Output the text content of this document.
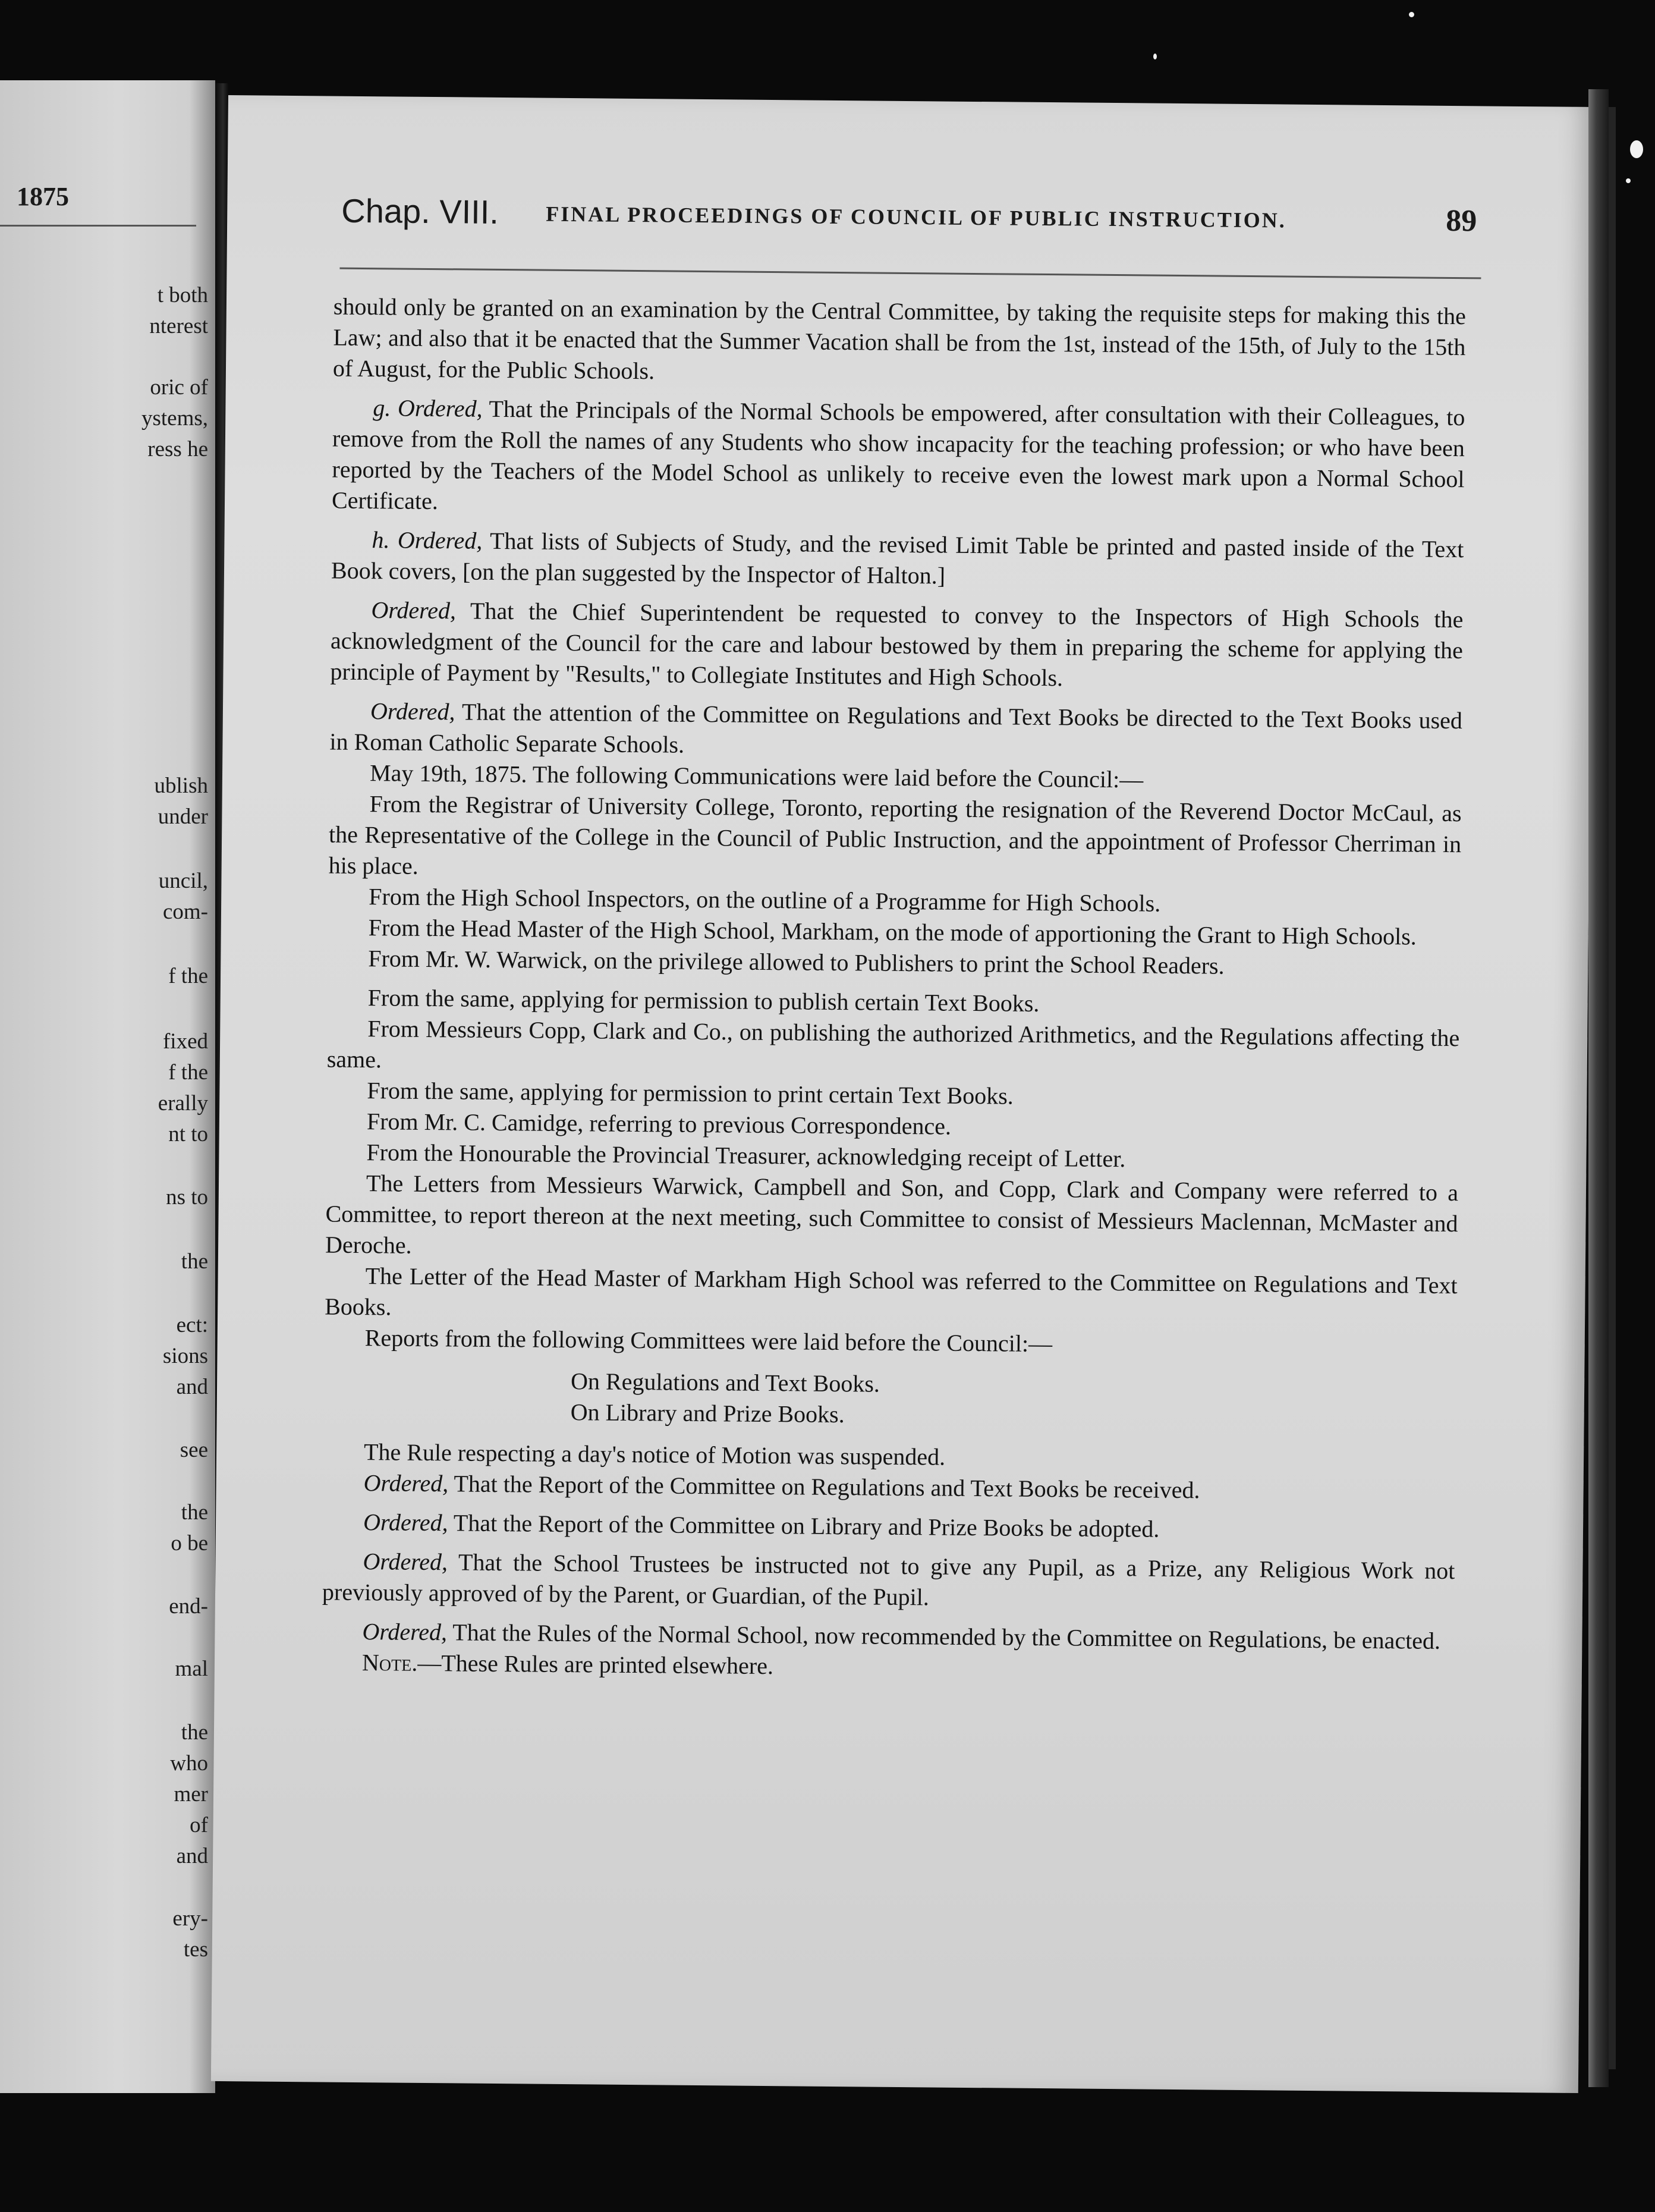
1875
t both
nterest
oric of
ystems,
ress he
ublish
under
uncil,
com-
f the
fixed
f the
erally
nt to
ns to
the
ect:
sions
and
see
the
o be
end-
mal
the
who
mer
of
and
ery-
tes
Chap. VIII. FINAL PROCEEDINGS OF COUNCIL OF PUBLIC INSTRUCTION.	89

should only be granted on an examination by the Central Committee, by taking the requisite steps for making this the Law; and also that it be enacted that the Summer Vacation shall be from the 1st, instead of the 15th, of July to the 15th of August, for the Public Schools.

g. Ordered, That the Principals of the Normal Schools be empowered, after consultation with their Colleagues, to remove from the Roll the names of any Students who show incapacity for the teaching profession; or who have been reported by the Teachers of the Model School as unlikely to receive even the lowest mark upon a Normal School Certificate.

h. Ordered, That lists of Subjects of Study, and the revised Limit Table be printed and pasted inside of the Text Book covers, [on the plan suggested by the Inspector of Halton.]

Ordered, That the Chief Superintendent be requested to convey to the Inspectors of High Schools the acknowledgment of the Council for the care and labour bestowed by them in preparing the scheme for applying the principle of Payment by "Results," to Collegiate Institutes and High Schools.

Ordered, That the attention of the Committee on Regulations and Text Books be directed to the Text Books used in Roman Catholic Separate Schools.

May 19th, 1875. The following Communications were laid before the Council:—

From the Registrar of University College, Toronto, reporting the resignation of the Reverend Doctor McCaul, as the Representative of the College in the Council of Public Instruction, and the appointment of Professor Cherriman in his place.

From the High School Inspectors, on the outline of a Programme for High Schools.

From the Head Master of the High School, Markham, on the mode of apportioning the Grant to High Schools.

From Mr. W. Warwick, on the privilege allowed to Publishers to print the School Readers.

From the same, applying for permission to publish certain Text Books.

From Messieurs Copp, Clark and Co., on publishing the authorized Arithmetics, and the Regulations affecting the same.

From the same, applying for permission to print certain Text Books.

From Mr. C. Camidge, referring to previous Correspondence.

From the Honourable the Provincial Treasurer, acknowledging receipt of Letter.

The Letters from Messieurs Warwick, Campbell and Son, and Copp, Clark and Company were referred to a Committee, to report thereon at the next meeting, such Committee to consist of Messieurs Maclennan, McMaster and Deroche.

The Letter of the Head Master of Markham High School was referred to the Committee on Regulations and Text Books.

Reports from the following Committees were laid before the Council:—

On Regulations and Text Books.

On Library and Prize Books.

The Rule respecting a day's notice of Motion was suspended.

Ordered, That the Report of the Committee on Regulations and Text Books be received.

Ordered, That the Report of the Committee on Library and Prize Books be adopted.

Ordered, That the School Trustees be instructed not to give any Pupil, as a Prize, any Religious Work not previously approved of by the Parent, or Guardian, of the Pupil.

Ordered, That the Rules of the Normal School, now recommended by the Committee on Regulations, be enacted.

Note.—These Rules are printed elsewhere.
